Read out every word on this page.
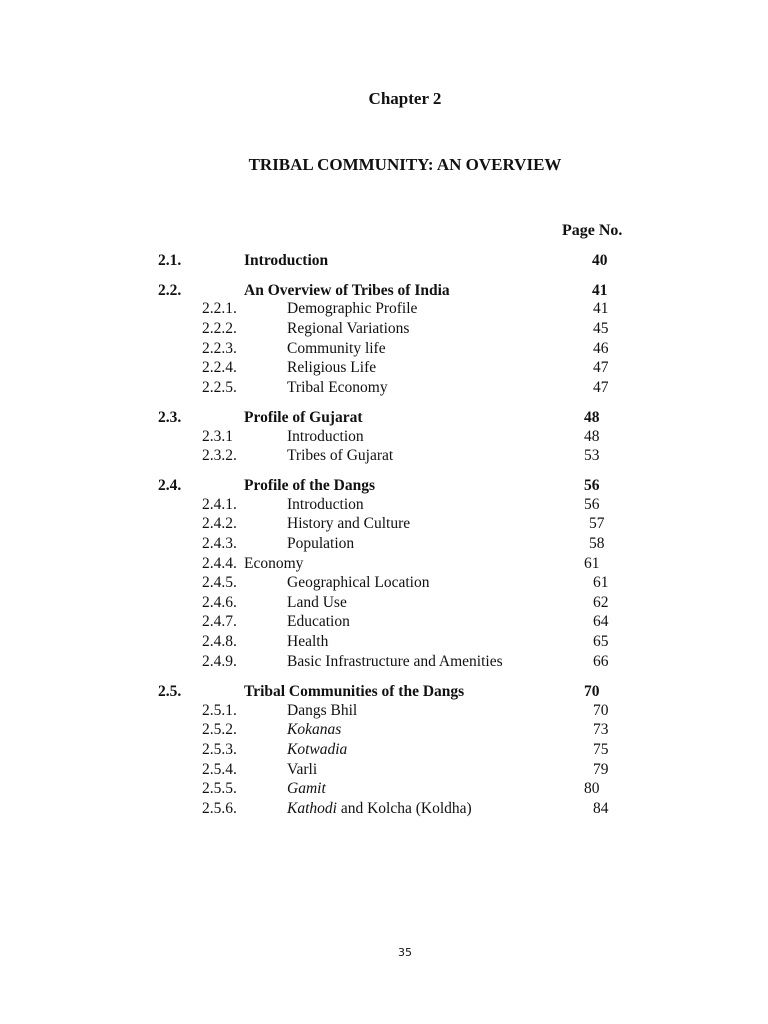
Chapter 2
TRIBAL COMMUNITY: AN OVERVIEW
Page No.
2.1.	Introduction	40
2.2.	An Overview of Tribes of India	41
2.2.1.	Demographic Profile	41
2.2.2.	Regional Variations	45
2.2.3.	Community life	46
2.2.4.	Religious Life	47
2.2.5.	Tribal Economy	47
2.3.	Profile of Gujarat	48
2.3.1	Introduction	48
2.3.2.	Tribes of Gujarat	53
2.4.	Profile of the Dangs	56
2.4.1.	Introduction	56
2.4.2.	History and Culture	57
2.4.3.	Population	58
2.4.4. Economy	61
2.4.5.	Geographical Location	61
2.4.6.	Land Use	62
2.4.7.	Education	64
2.4.8.	Health	65
2.4.9.	Basic Infrastructure and Amenities	66
2.5.	Tribal Communities of the Dangs	70
2.5.1.	Dangs Bhil	70
2.5.2.	Kokanas	73
2.5.3.	Kotwadia	75
2.5.4.	Varli	79
2.5.5.	Gamit	80
2.5.6.	Kathodi and Kolcha (Koldha)	84
35
